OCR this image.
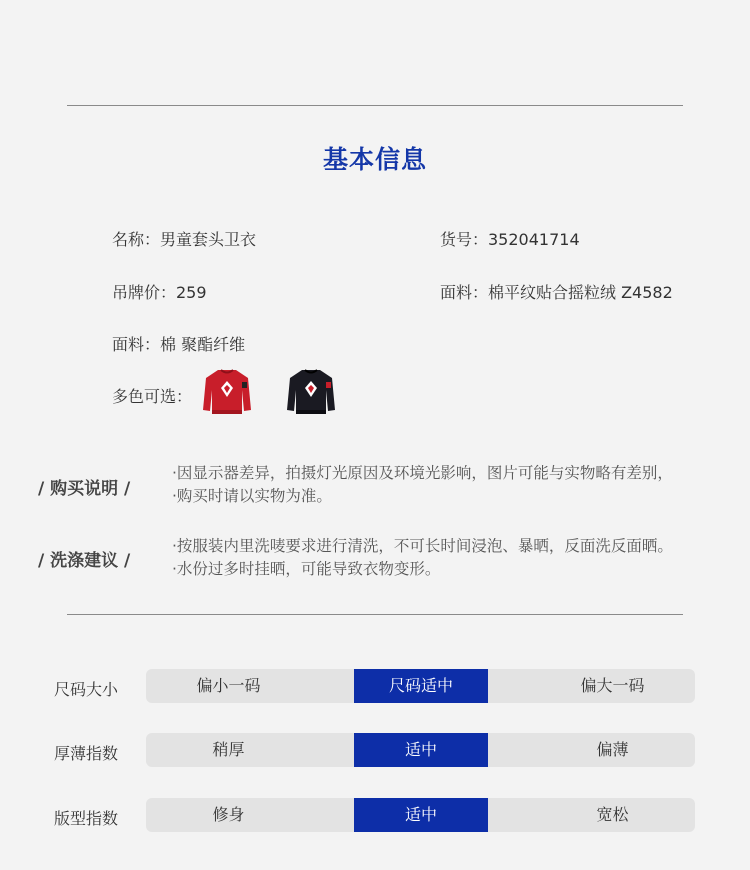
基本信息
名称：男童套头卫衣	货号：352041714
吊牌价：259	面料：棉平纹贴合摇粒绒 Z4582
面料：棉 聚酯纤维
多色可选：
/ 购买说明 /
·因显示器差异，拍摄灯光原因及环境光影响，图片可能与实物略有差别，
·购买时请以实物为准。
/ 洗涤建议 /
·按服装内里洗唛要求进行清洗，不可长时间浸泡、暴晒，反面洗反面晒。
·水份过多时挂晒，可能导致衣物变形。
尺码大小	偏小一码	尺码适中	偏大一码
厚薄指数	稍厚	适中	偏薄
版型指数	修身	适中	宽松
